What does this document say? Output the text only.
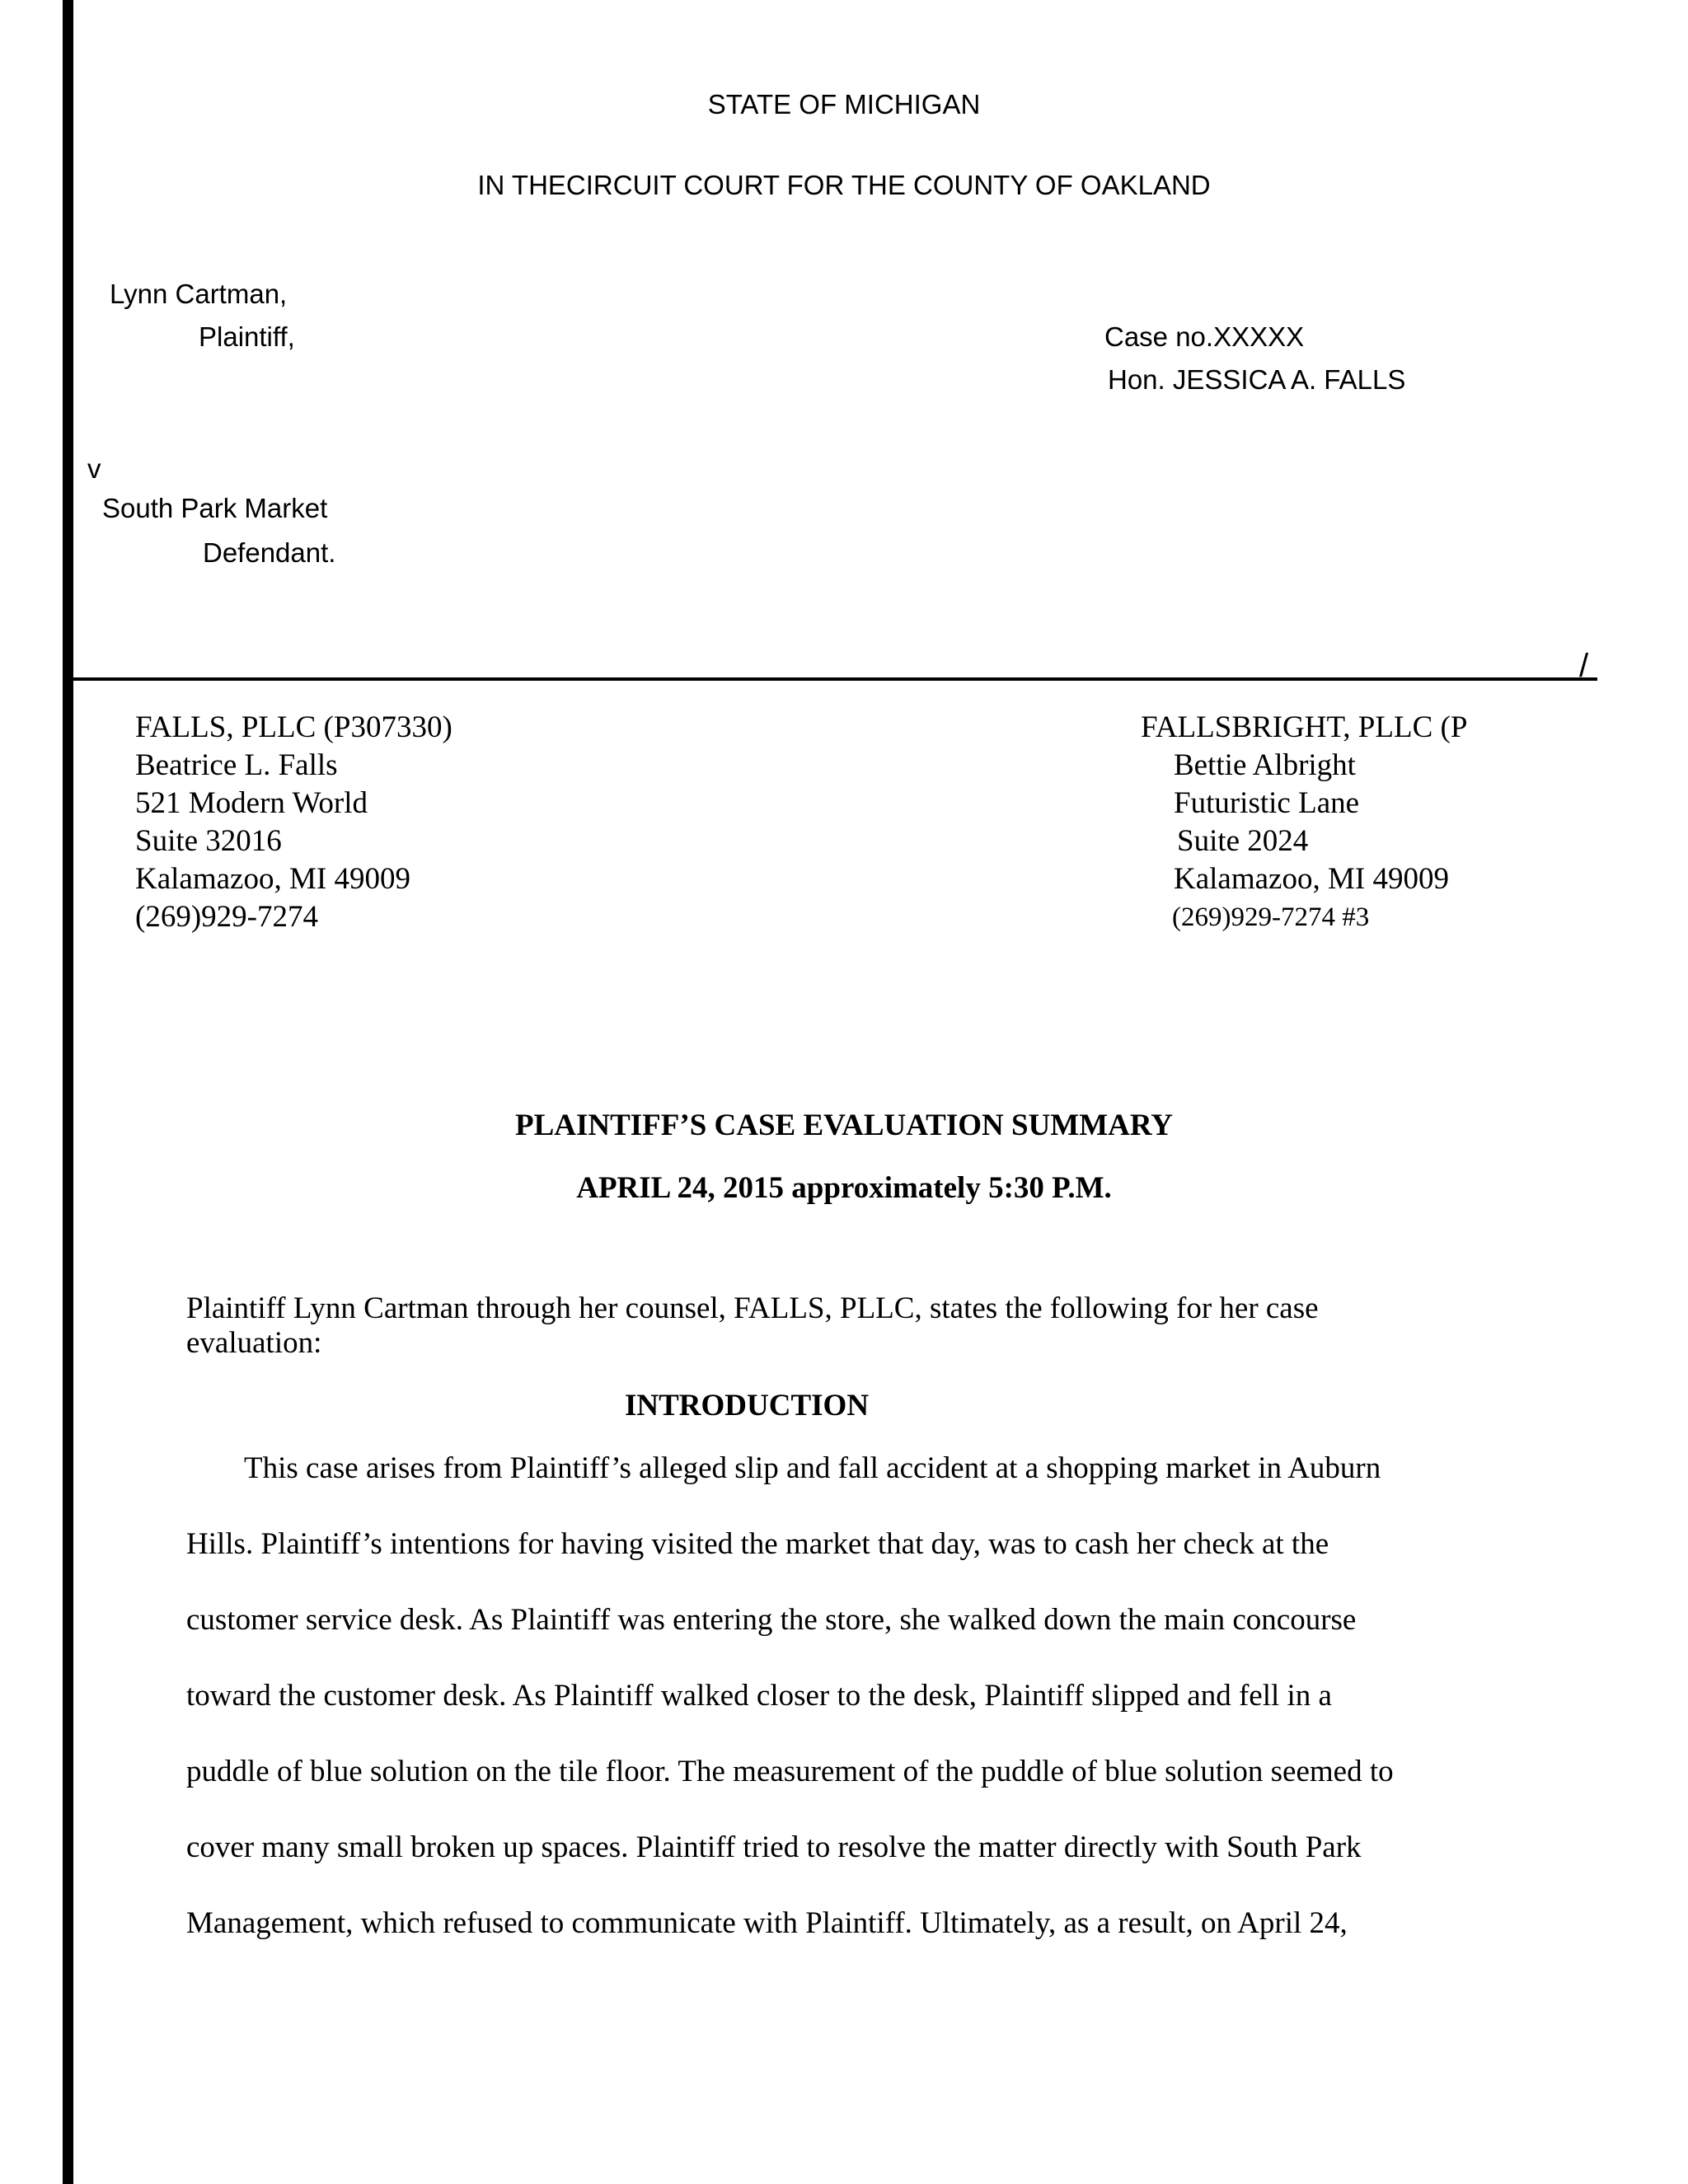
STATE OF MICHIGAN
IN THECIRCUIT COURT FOR THE COUNTY OF OAKLAND
Lynn Cartman,
Plaintiff,	Case no.XXXXX
Hon. JESSICA A. FALLS
v
South Park Market
Defendant.
/
FALLS, PLLC (P307330)
Beatrice L. Falls
521 Modern World
Suite 32016
Kalamazoo, MI 49009
(269)929-7274
FALLSBRIGHT, PLLC (P
Bettie Albright
Futuristic Lane
Suite 2024
Kalamazoo, MI 49009
(269)929-7274 #3
PLAINTIFF’S CASE EVALUATION SUMMARY
APRIL 24, 2015 approximately 5:30 P.M.
Plaintiff Lynn Cartman through her counsel, FALLS, PLLC, states the following for her case
evaluation:
INTRODUCTION
This case arises from Plaintiff’s alleged slip and fall accident at a shopping market in Auburn
Hills. Plaintiff’s intentions for having visited the market that day, was to cash her check at the
customer service desk. As Plaintiff was entering the store, she walked down the main concourse
toward the customer desk. As Plaintiff walked closer to the desk, Plaintiff slipped and fell in a
puddle of blue solution on the tile floor. The measurement of the puddle of blue solution seemed to
cover many small broken up spaces. Plaintiff tried to resolve the matter directly with South Park
Management, which refused to communicate with Plaintiff. Ultimately, as a result, on April 24,
